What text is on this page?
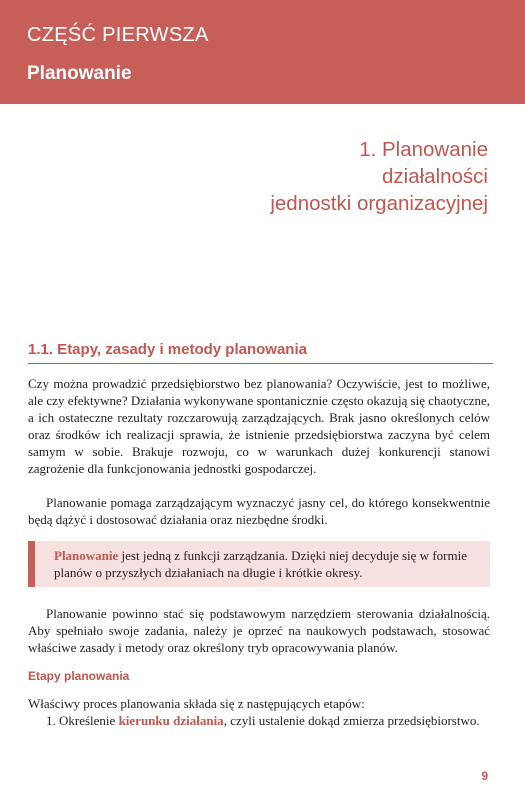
CZĘŚĆ PIERWSZA
Planowanie
1. Planowanie
działalności
jednostki organizacyjnej
1.1. Etapy, zasady i metody planowania

Czy można prowadzić przedsiębiorstwo bez planowania? Oczywiście, jest to możliwe, ale czy efektywne? Działania wykonywane spontanicznie często okazują się chaotyczne, a ich ostateczne rezultaty rozczarowują zarządzających. Brak jasno określonych celów oraz środków ich realizacji sprawia, że istnienie przedsiębiorstwa zaczyna być celem samym w sobie. Brakuje rozwoju, co w warunkach dużej konkurencji stanowi zagrożenie dla funkcjonowania jednostki gospodarczej.

Planowanie pomaga zarządzającym wyznaczyć jasny cel, do którego konsekwentnie będą dążyć i dostosować działania oraz niezbędne środki.

Planowanie jest jedną z funkcji zarządzania. Dzięki niej decyduje się w formie planów o przyszłych działaniach na długie i krótkie okresy.

Planowanie powinno stać się podstawowym narzędziem sterowania działalnością. Aby spełniało swoje zadania, należy je oprzeć na naukowych podstawach, stosować właściwe zasady i metody oraz określony tryb opracowywania planów.

Etapy planowania

Właściwy proces planowania składa się z następujących etapów:

1. Określenie kierunku działania, czyli ustalenie dokąd zmierza przedsiębiorstwo.

9
